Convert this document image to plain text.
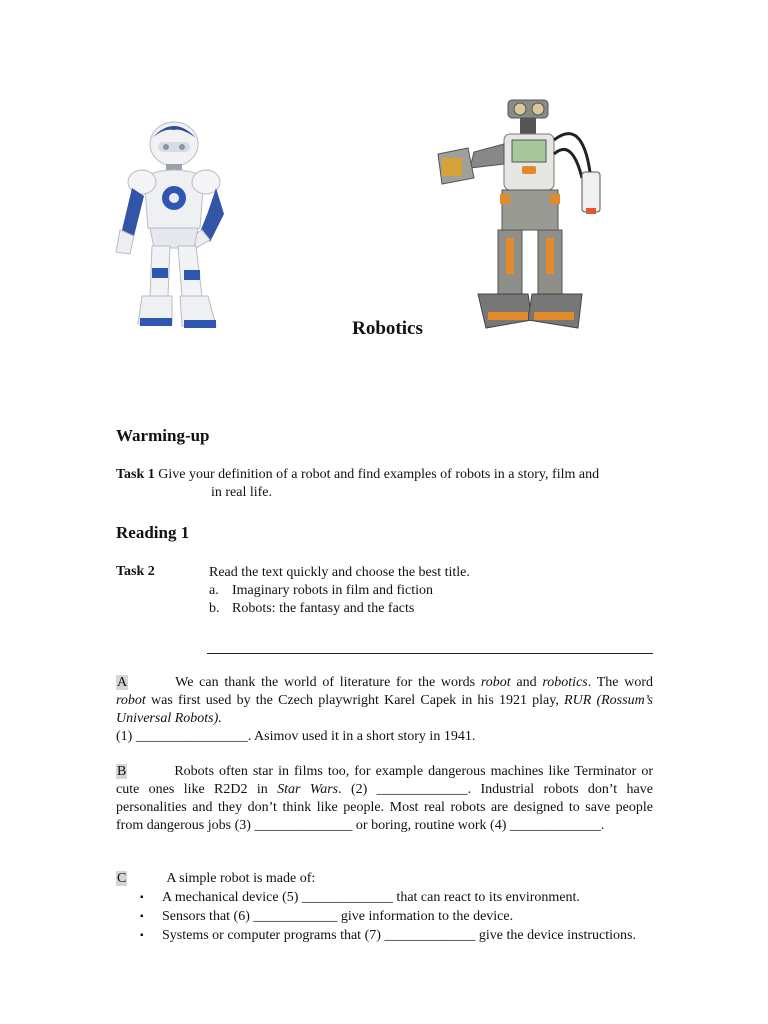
Robotics
Warming-up
Task 1 Give your definition of a robot and find examples of robots in a story, film and
in real life.
Reading 1
Task 2	Read the text quickly and choose the best title.
a. Imaginary robots in film and fiction
b. Robots: the fantasy and the facts
A	We can thank the world of literature for the words robot and robotics. The word robot was first used by the Czech playwright Karel Capek in his 1921 play, RUR (Rossum’s Universal Robots).
(1) ________________. Asimov used it in a short story in 1941.
B	Robots often star in films too, for example dangerous machines like Terminator or cute ones like R2D2 in Star Wars. (2) _____________. Industrial robots don’t have personalities and they don’t think like people. Most real robots are designed to save people from dangerous jobs (3) ______________ or boring, routine work (4) _____________.
C	A simple robot is made of:
▪	A mechanical device (5) _____________ that can react to its environment.
▪	Sensors that (6) ____________ give information to the device.
▪	Systems or computer programs that (7) _____________ give the device instructions.
